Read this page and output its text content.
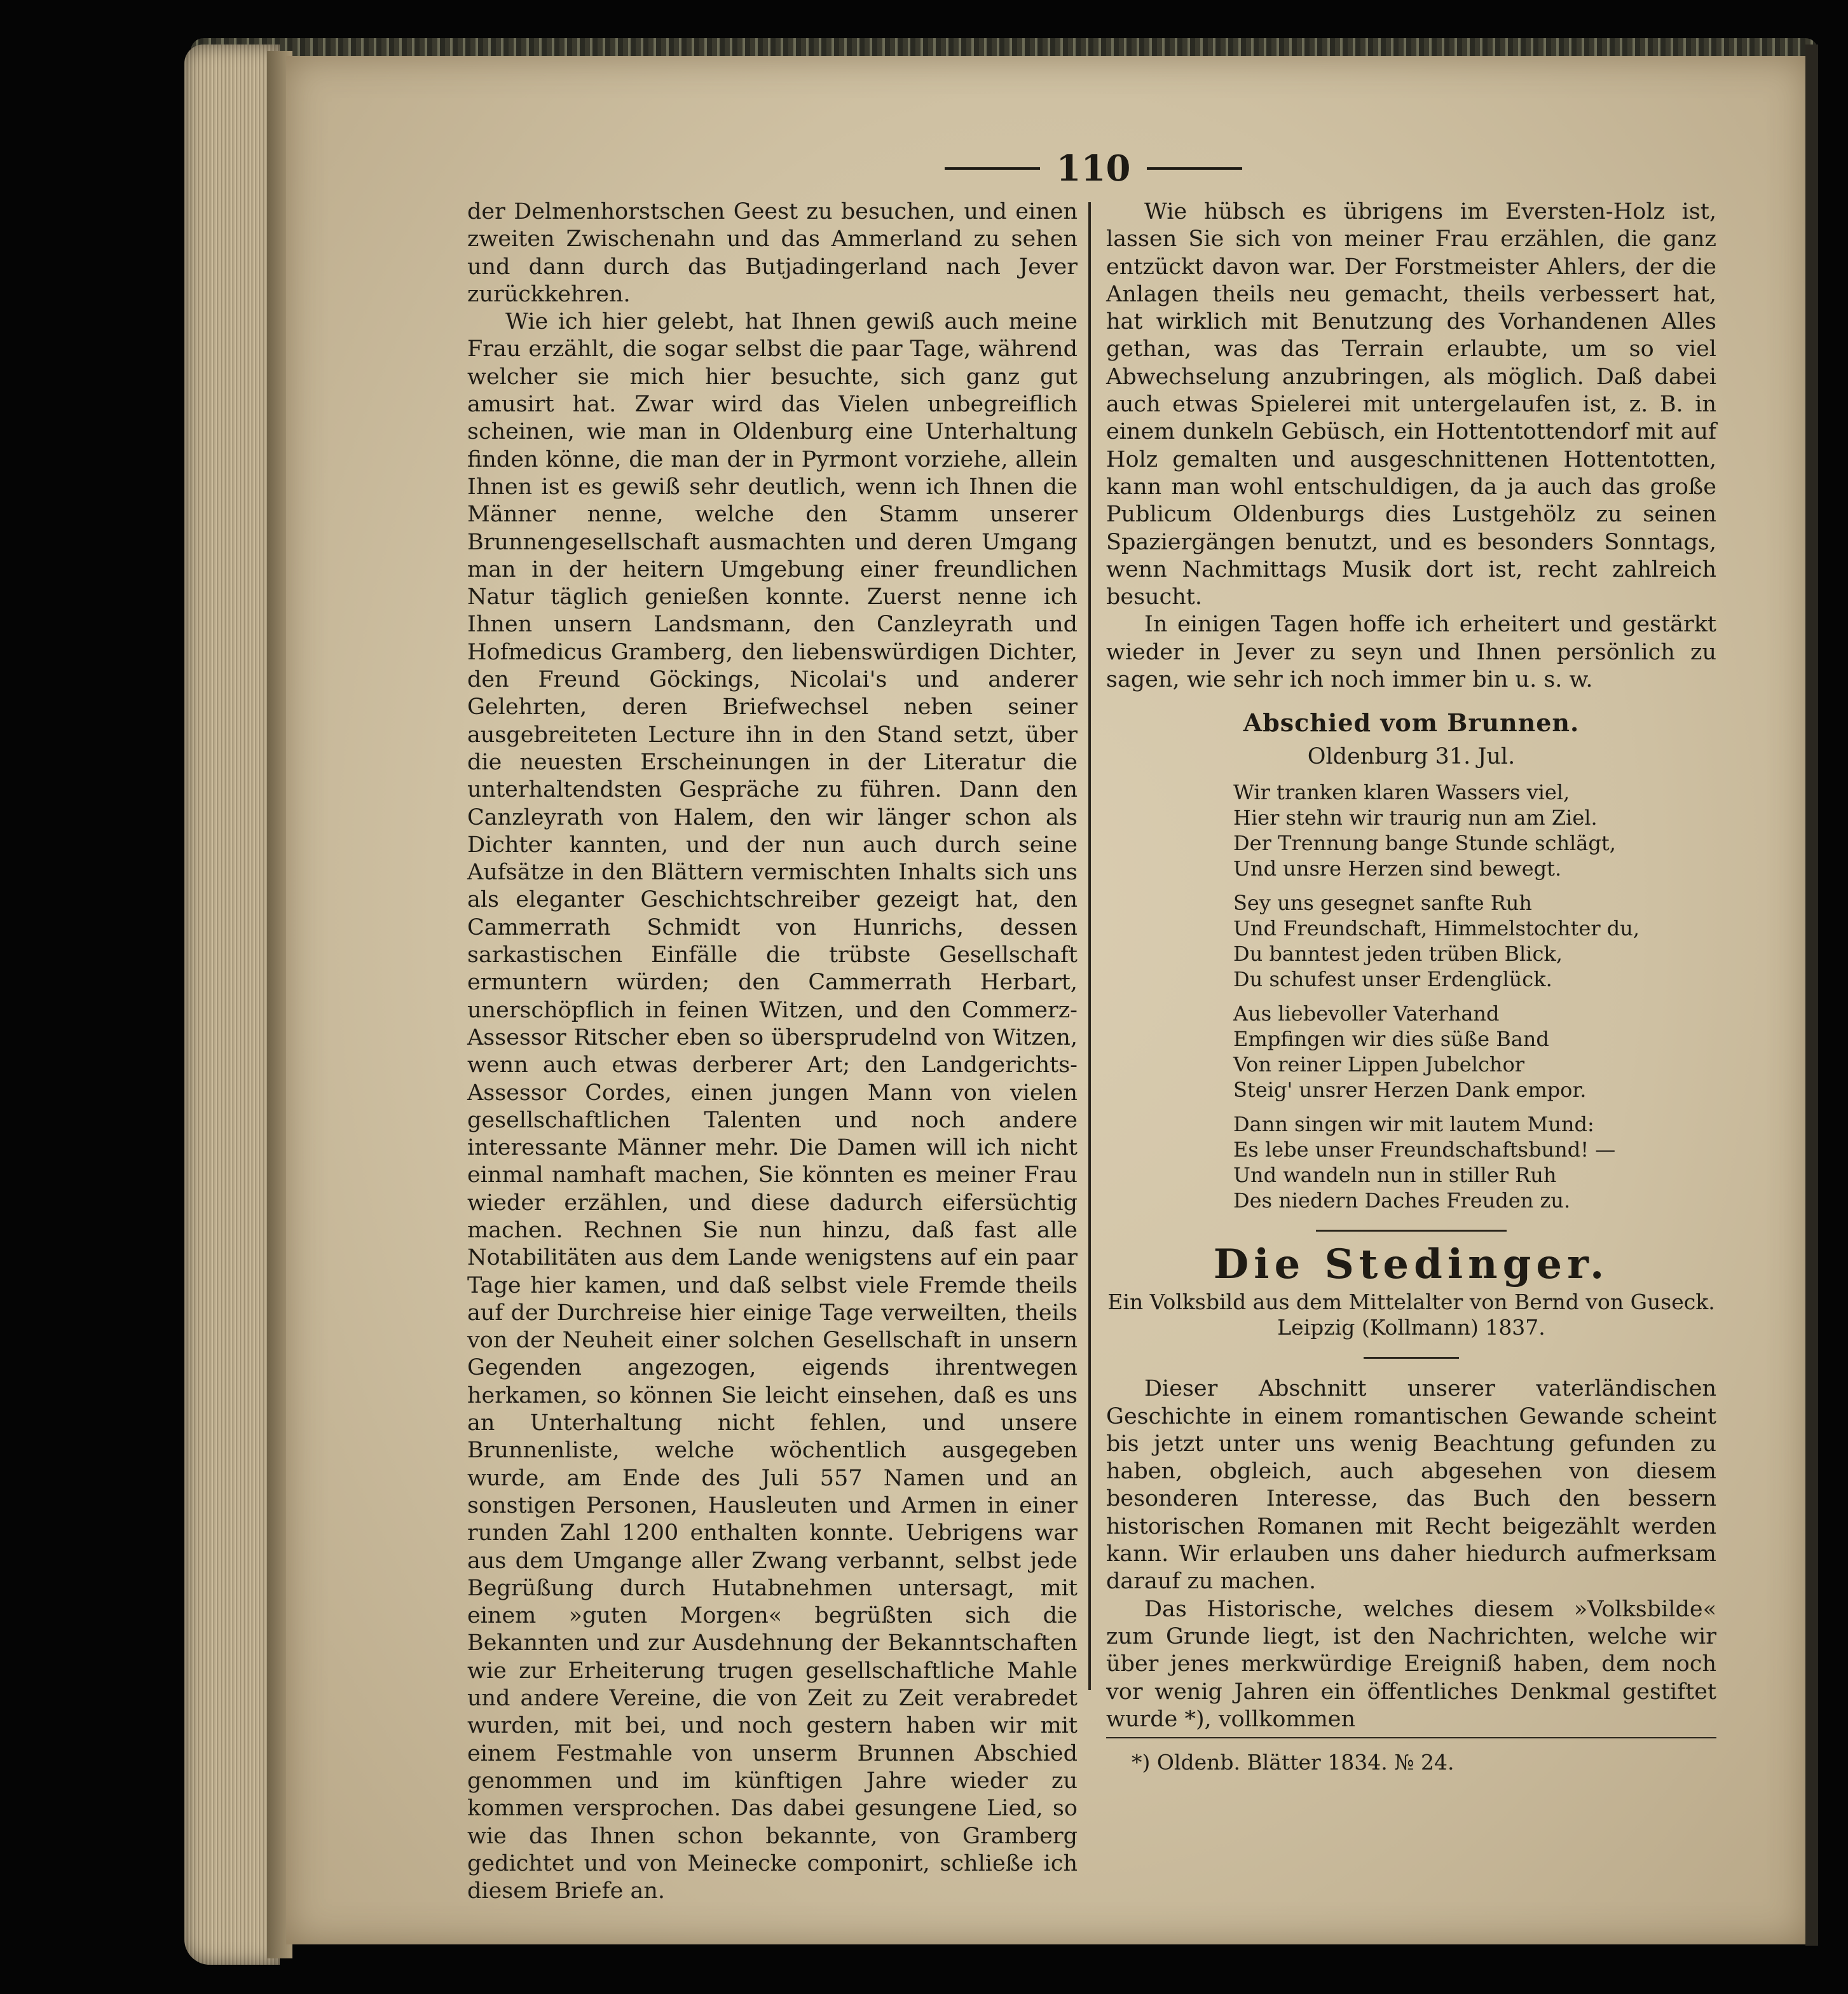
110

der Delmenhorstschen Geest zu besuchen, und einen zweiten Zwischenahn und das Ammerland zu sehen und dann durch das Butjadingerland nach Jever zurückkehren.

Wie ich hier gelebt, hat Ihnen gewiß auch meine Frau erzählt, die sogar selbst die paar Tage, während welcher sie mich hier besuchte, sich ganz gut amusirt hat. Zwar wird das Vielen unbegreiflich scheinen, wie man in Oldenburg eine Unterhaltung finden könne, die man der in Pyrmont vorziehe, allein Ihnen ist es gewiß sehr deutlich, wenn ich Ihnen die Männer nenne, welche den Stamm unserer Brunnengesellschaft ausmachten und deren Umgang man in der heitern Umgebung einer freundlichen Natur täglich genießen konnte. Zuerst nenne ich Ihnen unsern Landsmann, den Canzleyrath und Hofmedicus Gramberg, den liebenswürdigen Dichter, den Freund Göckings, Nicolai's und anderer Gelehrten, deren Briefwechsel neben seiner ausgebreiteten Lecture ihn in den Stand setzt, über die neuesten Erscheinungen in der Literatur die unterhaltendsten Gespräche zu führen. Dann den Canzleyrath von Halem, den wir länger schon als Dichter kannten, und der nun auch durch seine Aufsätze in den Blättern vermischten Inhalts sich uns als eleganter Geschichtschreiber gezeigt hat, den Cammerrath Schmidt von Hunrichs, dessen sarkastischen Einfälle die trübste Gesellschaft ermuntern würden; den Cammerrath Herbart, unerschöpflich in feinen Witzen, und den Commerz-Assessor Ritscher eben so übersprudelnd von Witzen, wenn auch etwas derberer Art; den Landgerichts-Assessor Cordes, einen jungen Mann von vielen gesellschaftlichen Talenten und noch andere interessante Männer mehr. Die Damen will ich nicht einmal namhaft machen, Sie könnten es meiner Frau wieder erzählen, und diese dadurch eifersüchtig machen. Rechnen Sie nun hinzu, daß fast alle Notabilitäten aus dem Lande wenigstens auf ein paar Tage hier kamen, und daß selbst viele Fremde theils auf der Durchreise hier einige Tage verweilten, theils von der Neuheit einer solchen Gesellschaft in unsern Gegenden angezogen, eigends ihrentwegen herkamen, so können Sie leicht einsehen, daß es uns an Unterhaltung nicht fehlen, und unsere Brunnenliste, welche wöchentlich ausgegeben wurde, am Ende des Juli 557 Namen und an sonstigen Personen, Hausleuten und Armen in einer runden Zahl 1200 enthalten konnte. Uebrigens war aus dem Umgange aller Zwang verbannt, selbst jede Begrüßung durch Hutabnehmen untersagt, mit einem »guten Morgen« begrüßten sich die Bekannten und zur Ausdehnung der Bekanntschaften wie zur Erheiterung trugen gesellschaftliche Mahle und andere Vereine, die von Zeit zu Zeit verabredet wurden, mit bei, und noch gestern haben wir mit einem Festmahle von unserm Brunnen Abschied genommen und im künftigen Jahre wieder zu kommen versprochen. Das dabei gesungene Lied, so wie das Ihnen schon bekannte, von Gramberg gedichtet und von Meinecke componirt, schließe ich diesem Briefe an.

Wie hübsch es übrigens im Eversten-Holz ist, lassen Sie sich von meiner Frau erzählen, die ganz entzückt davon war. Der Forstmeister Ahlers, der die Anlagen theils neu gemacht, theils verbessert hat, hat wirklich mit Benutzung des Vorhandenen Alles gethan, was das Terrain erlaubte, um so viel Abwechselung anzubringen, als möglich. Daß dabei auch etwas Spielerei mit untergelaufen ist, z. B. in einem dunkeln Gebüsch, ein Hottentottendorf mit auf Holz gemalten und ausgeschnittenen Hottentotten, kann man wohl entschuldigen, da ja auch das große Publicum Oldenburgs dies Lustgehölz zu seinen Spaziergängen benutzt, und es besonders Sonntags, wenn Nachmittags Musik dort ist, recht zahlreich besucht.

In einigen Tagen hoffe ich erheitert und gestärkt wieder in Jever zu seyn und Ihnen persönlich zu sagen, wie sehr ich noch immer bin u. s. w.

Abschied vom Brunnen.
Oldenburg 31. Jul.
Wir tranken klaren Wassers viel,
Hier stehn wir traurig nun am Ziel.
Der Trennung bange Stunde schlägt,
Und unsre Herzen sind bewegt.
Sey uns gesegnet sanfte Ruh
Und Freundschaft, Himmelstochter du,
Du banntest jeden trüben Blick,
Du schufest unser Erdenglück.
Aus liebevoller Vaterhand
Empfingen wir dies süße Band
Von reiner Lippen Jubelchor
Steig' unsrer Herzen Dank empor.
Dann singen wir mit lautem Mund:
Es lebe unser Freundschaftsbund! —
Und wandeln nun in stiller Ruh
Des niedern Daches Freuden zu.
Die Stedinger.
Ein Volksbild aus dem Mittelalter von Bernd von Guseck.
Leipzig (Kollmann) 1837.

Dieser Abschnitt unserer vaterländischen Geschichte in einem romantischen Gewande scheint bis jetzt unter uns wenig Beachtung gefunden zu haben, obgleich, auch abgesehen von diesem besonderen Interesse, das Buch den bessern historischen Romanen mit Recht beigezählt werden kann. Wir erlauben uns daher hiedurch aufmerksam darauf zu machen.

Das Historische, welches diesem »Volksbilde« zum Grunde liegt, ist den Nachrichten, welche wir über jenes merkwürdige Ereigniß haben, dem noch vor wenig Jahren ein öffentliches Denkmal gestiftet wurde *), vollkommen

*) Oldenb. Blätter 1834. № 24.
